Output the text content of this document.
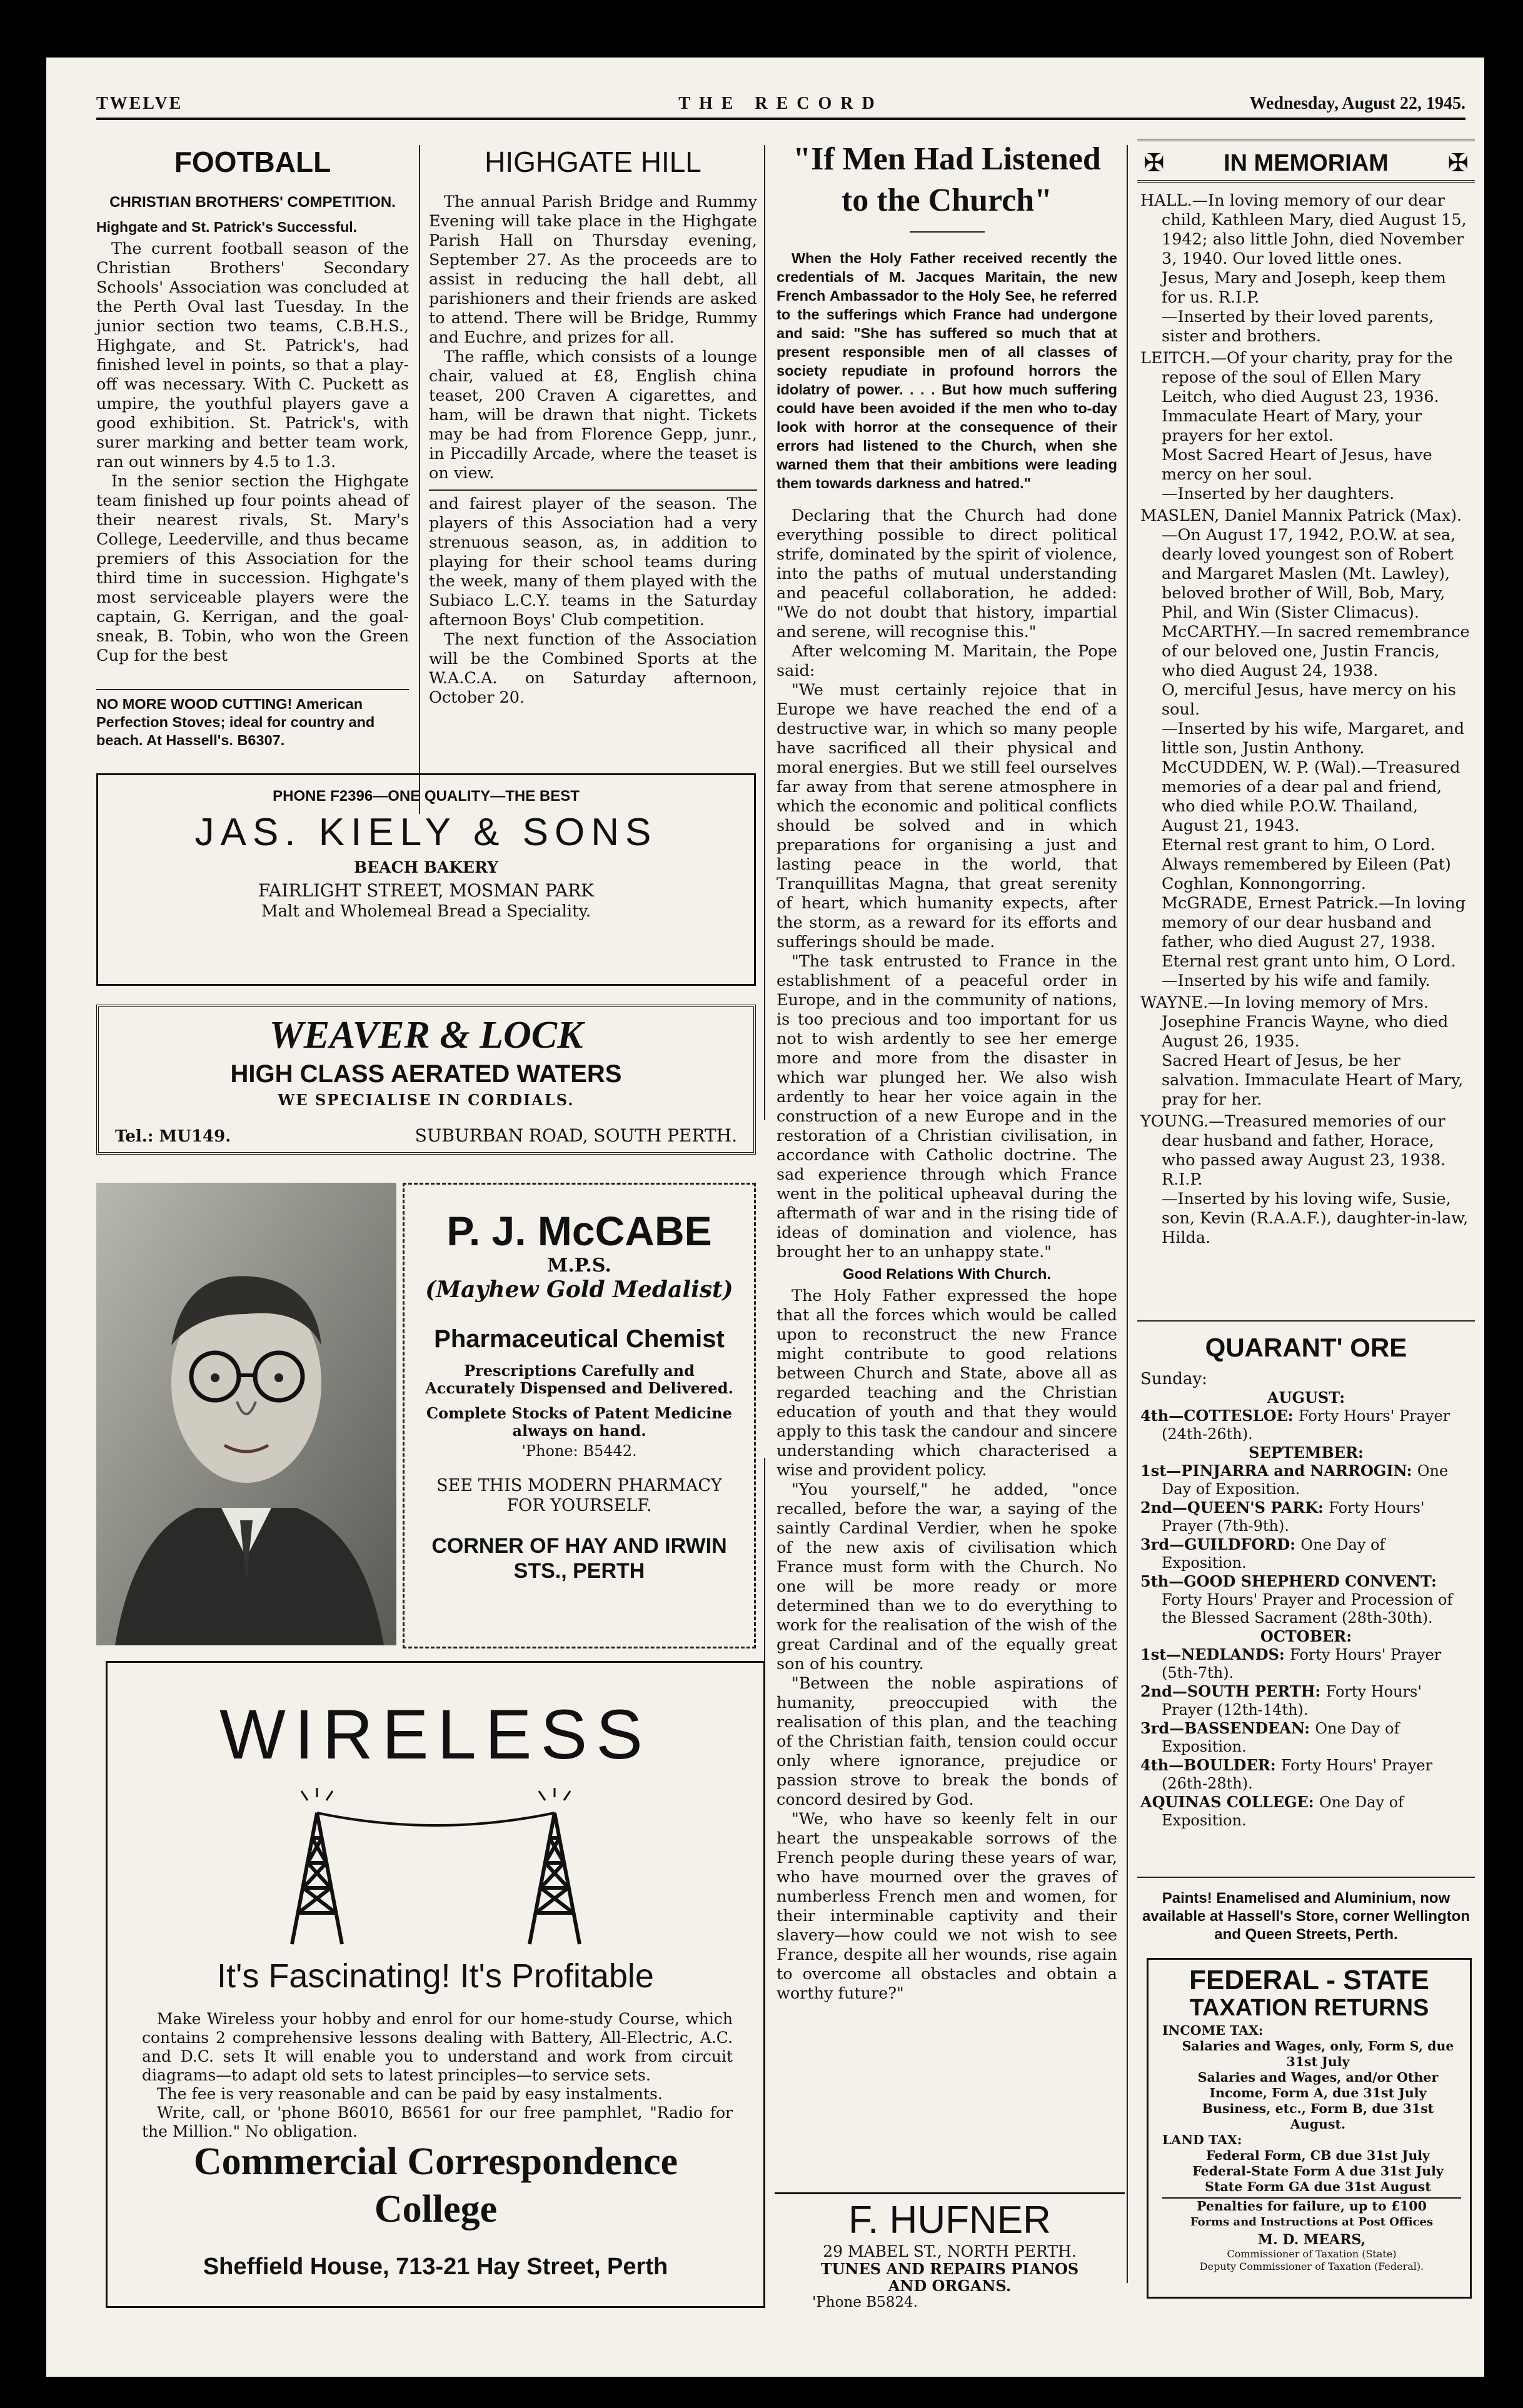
TWELVE	THE RECORD	Wednesday, August 22, 1945.
FOOTBALL
CHRISTIAN BROTHERS' COMPETITION.
Highgate and St. Patrick's Successful.

The current football season of the Christian Brothers' Secondary Schools' Association was concluded at the Perth Oval last Tuesday. In the junior section two teams, C.B.H.S., Highgate, and St. Patrick's, had finished level in points, so that a play-off was necessary. With C. Puckett as umpire, the youthful players gave a good exhibition. St. Patrick's, with surer marking and better team work, ran out winners by 4.5 to 1.3.

In the senior section the Highgate team finished up four points ahead of their nearest rivals, St. Mary's College, Leederville, and thus became premiers of this Association for the third time in succession. Highgate's most serviceable players were the captain, G. Kerrigan, and the goal-sneak, B. Tobin, who won the Green Cup for the best

NO MORE WOOD CUTTING! American Perfection Stoves; ideal for country and beach. At Hassell's. B6307.
HIGHGATE HILL

The annual Parish Bridge and Rummy Evening will take place in the Highgate Parish Hall on Thursday evening, September 27. As the proceeds are to assist in reducing the hall debt, all parishioners and their friends are asked to attend. There will be Bridge, Rummy and Euchre, and prizes for all.

The raffle, which consists of a lounge chair, valued at £8, English china teaset, 200 Craven A cigarettes, and ham, will be drawn that night. Tickets may be had from Florence Gepp, junr., in Piccadilly Arcade, where the teaset is on view.

and fairest player of the season. The players of this Association had a very strenuous season, as, in addition to playing for their school teams during the week, many of them played with the Subiaco L.C.Y. teams in the Saturday afternoon Boys' Club competition.

The next function of the Association will be the Combined Sports at the W.A.C.A. on Saturday afternoon, October 20.

PHONE F2396—ONE QUALITY—THE BEST
JAS. KIELY & SONS
BEACH BAKERY
FAIRLIGHT STREET, MOSMAN PARK
Malt and Wholemeal Bread a Speciality.
WEAVER & LOCK
HIGH CLASS AERATED WATERS
WE SPECIALISE IN CORDIALS.
Tel.: MU149.	SUBURBAN ROAD, SOUTH PERTH.
P. J. McCABE
M.P.S.
(Mayhew Gold Medalist)
Pharmaceutical Chemist
Prescriptions Carefully and Accurately Dispensed and Delivered.
Complete Stocks of Patent Medicine always on hand.
'Phone: B5442.
SEE THIS MODERN PHARMACY FOR YOURSELF.
CORNER OF HAY AND IRWIN STS., PERTH
WIRELESS
It's Fascinating! It's Profitable

Make Wireless your hobby and enrol for our home-study Course, which contains 2 comprehensive lessons dealing with Battery, All-Electric, A.C. and D.C. sets It will enable you to understand and work from circuit diagrams—to adapt old sets to latest principles—to service sets.

The fee is very reasonable and can be paid by easy instalments.

Write, call, or 'phone B6010, B6561 for our free pamphlet, "Radio for the Million." No obligation.

Commercial Correspondence College
Sheffield House, 713-21 Hay Street, Perth
"If Men Had Listened to the Church"
When the Holy Father received recently the credentials of M. Jacques Maritain, the new French Ambassador to the Holy See, he referred to the sufferings which France had undergone and said: "She has suffered so much that at present responsible men of all classes of society repudiate in profound horrors the idolatry of power. . . . But how much suffering could have been avoided if the men who to-day look with horror at the consequence of their errors had listened to the Church, when she warned them that their ambitions were leading them towards darkness and hatred."

Declaring that the Church had done everything possible to direct political strife, dominated by the spirit of violence, into the paths of mutual understanding and peaceful collaboration, he added: "We do not doubt that history, impartial and serene, will recognise this."

After welcoming M. Maritain, the Pope said:

"We must certainly rejoice that in Europe we have reached the end of a destructive war, in which so many people have sacrificed all their physical and moral energies. But we still feel ourselves far away from that serene atmosphere in which the economic and political conflicts should be solved and in which preparations for organising a just and lasting peace in the world, that Tranquillitas Magna, that great serenity of heart, which humanity expects, after the storm, as a reward for its efforts and sufferings should be made.

"The task entrusted to France in the establishment of a peaceful order in Europe, and in the community of nations, is too precious and too important for us not to wish ardently to see her emerge more and more from the disaster in which war plunged her. We also wish ardently to hear her voice again in the construction of a new Europe and in the restoration of a Christian civilisation, in accordance with Catholic doctrine. The sad experience through which France went in the political upheaval during the aftermath of war and in the rising tide of ideas of domination and violence, has brought her to an unhappy state."

Good Relations With Church.

The Holy Father expressed the hope that all the forces which would be called upon to reconstruct the new France might contribute to good relations between Church and State, above all as regarded teaching and the Christian education of youth and that they would apply to this task the candour and sincere understanding which characterised a wise and provident policy.

"You yourself," he added, "once recalled, before the war, a saying of the saintly Cardinal Verdier, when he spoke of the new axis of civilisation which France must form with the Church. No one will be more ready or more determined than we to do everything to work for the realisation of the wish of the great Cardinal and of the equally great son of his country.

"Between the noble aspirations of humanity, preoccupied with the realisation of this plan, and the teaching of the Christian faith, tension could occur only where ignorance, prejudice or passion strove to break the bonds of concord desired by God.

"We, who have so keenly felt in our heart the unspeakable sorrows of the French people during these years of war, who have mourned over the graves of numberless French men and women, for their interminable captivity and their slavery—how could we not wish to see France, despite all her wounds, rise again to overcome all obstacles and obtain a worthy future?"

F. HUFNER
29 MABEL ST., NORTH PERTH.
TUNES AND REPAIRS PIANOS AND ORGANS.
'Phone B5824.
✠	IN MEMORIAM	✠

HALL.—In loving memory of our dear child, Kathleen Mary, died August 15, 1942; also little John, died November 3, 1940. Our loved little ones.

Jesus, Mary and Joseph, keep them for us. R.I.P.

—Inserted by their loved parents, sister and brothers.

LEITCH.—Of your charity, pray for the repose of the soul of Ellen Mary Leitch, who died August 23, 1936.

Immaculate Heart of Mary, your prayers for her extol.

Most Sacred Heart of Jesus, have mercy on her soul.

—Inserted by her daughters.

MASLEN, Daniel Mannix Patrick (Max).—On August 17, 1942, P.O.W. at sea, dearly loved youngest son of Robert and Margaret Maslen (Mt. Lawley), beloved brother of Will, Bob, Mary, Phil, and Win (Sister Climacus).

McCARTHY.—In sacred remembrance of our beloved one, Justin Francis, who died August 24, 1938.

O, merciful Jesus, have mercy on his soul.

—Inserted by his wife, Margaret, and little son, Justin Anthony.

McCUDDEN, W. P. (Wal).—Treasured memories of a dear pal and friend, who died while P.O.W. Thailand, August 21, 1943.

Eternal rest grant to him, O Lord.

Always remembered by Eileen (Pat) Coghlan, Konnongorring.

McGRADE, Ernest Patrick.—In loving memory of our dear husband and father, who died August 27, 1938.

Eternal rest grant unto him, O Lord.

—Inserted by his wife and family.

WAYNE.—In loving memory of Mrs. Josephine Francis Wayne, who died August 26, 1935.

Sacred Heart of Jesus, be her salvation. Immaculate Heart of Mary, pray for her.

YOUNG.—Treasured memories of our dear husband and father, Horace, who passed away August 23, 1938. R.I.P.

—Inserted by his loving wife, Susie, son, Kevin (R.A.A.F.), daughter-in-law, Hilda.

QUARANT' ORE
Sunday:
AUGUST:
4th—COTTESLOE: Forty Hours' Prayer (24th-26th).
SEPTEMBER:
1st—PINJARRA and NARROGIN: One Day of Exposition.
2nd—QUEEN'S PARK: Forty Hours' Prayer (7th-9th).
3rd—GUILDFORD: One Day of Exposition.
5th—GOOD SHEPHERD CONVENT: Forty Hours' Prayer and Procession of the Blessed Sacrament (28th-30th).
OCTOBER:
1st—NEDLANDS: Forty Hours' Prayer (5th-7th).
2nd—SOUTH PERTH: Forty Hours' Prayer (12th-14th).
3rd—BASSENDEAN: One Day of Exposition.
4th—BOULDER: Forty Hours' Prayer (26th-28th).
AQUINAS COLLEGE: One Day of Exposition.
Paints! Enamelised and Aluminium, now available at Hassell's Store, corner Wellington and Queen Streets, Perth.
FEDERAL - STATE
TAXATION RETURNS
INCOME TAX:
Salaries and Wages, only, Form S, due 31st July
Salaries and Wages, and/or Other Income, Form A, due 31st July
Business, etc., Form B, due 31st August.
LAND TAX:
Federal Form, CB due 31st July
Federal-State Form A due 31st July
State Form GA due 31st August
Penalties for failure, up to £100
Forms and Instructions at Post Offices
M. D. MEARS,
Commissioner of Taxation (State)
Deputy Commissioner of Taxation (Federal).
